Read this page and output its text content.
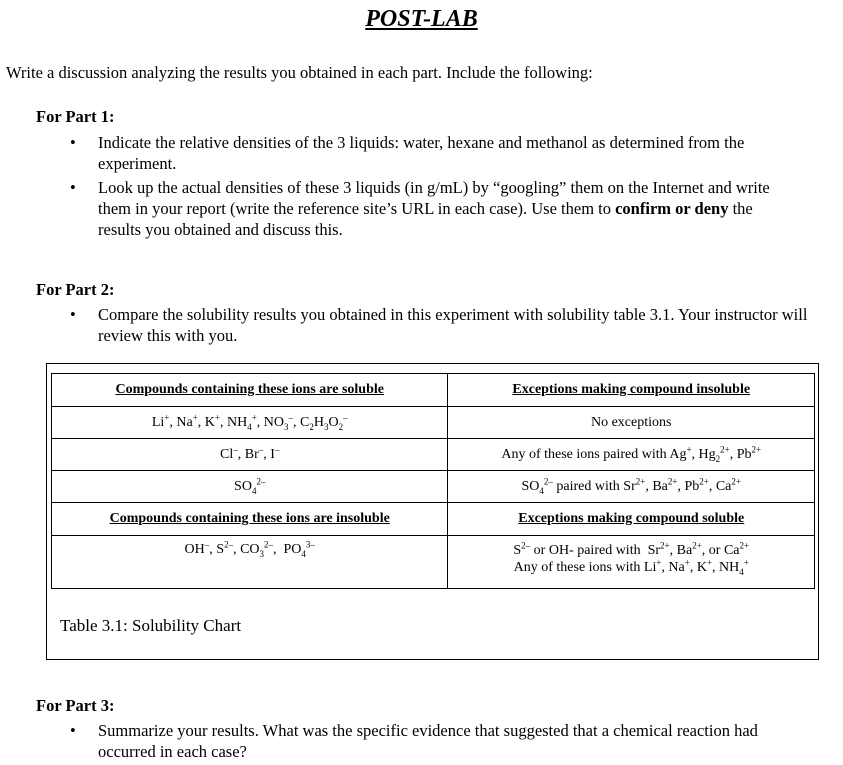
POST-LAB
Write a discussion analyzing the results you obtained in each part. Include the following:
For Part 1:
• Indicate the relative densities of the 3 liquids: water, hexane and methanol as determined from the experiment.
• Look up the actual densities of these 3 liquids (in g/mL) by “googling” them on the Internet and write them in your report (write the reference site’s URL in each case). Use them to confirm or deny the results you obtained and discuss this.
For Part 2:
• Compare the solubility results you obtained in this experiment with solubility table 3.1. Your instructor will review this with you.
Compounds containing these ions are soluble	Exceptions making compound insoluble
Li+, Na+, K+, $NH_4^+$, $NO_3^-$, $C_2H_3O_2^-$	No exceptions
Cl–, Br–, I–	Any of these ions paired with Ag+, $Hg_2^{2+}$, $Pb^{2+}$
$SO_4^{2-}$	$SO_4^{2-}$ paired with $Sr^{2+}$, $Ba^{2+}$, $Pb^{2+}$, $Ca^{2+}$
Compounds containing these ions are insoluble	Exceptions making compound soluble
OH–, $S^{2-}$, $CO_3^{2-}$,  $PO_4^{3-}$	$S^{2-}$ or OH- paired with  $Sr^{2+}$, $Ba^{2+}$, or $Ca^{2+}$
Any of these ions with Li+, Na+, K+, $NH_4^+$
Table 3.1: Solubility Chart
For Part 3:
• Summarize your results. What was the specific evidence that suggested that a chemical reaction had occurred in each case?
